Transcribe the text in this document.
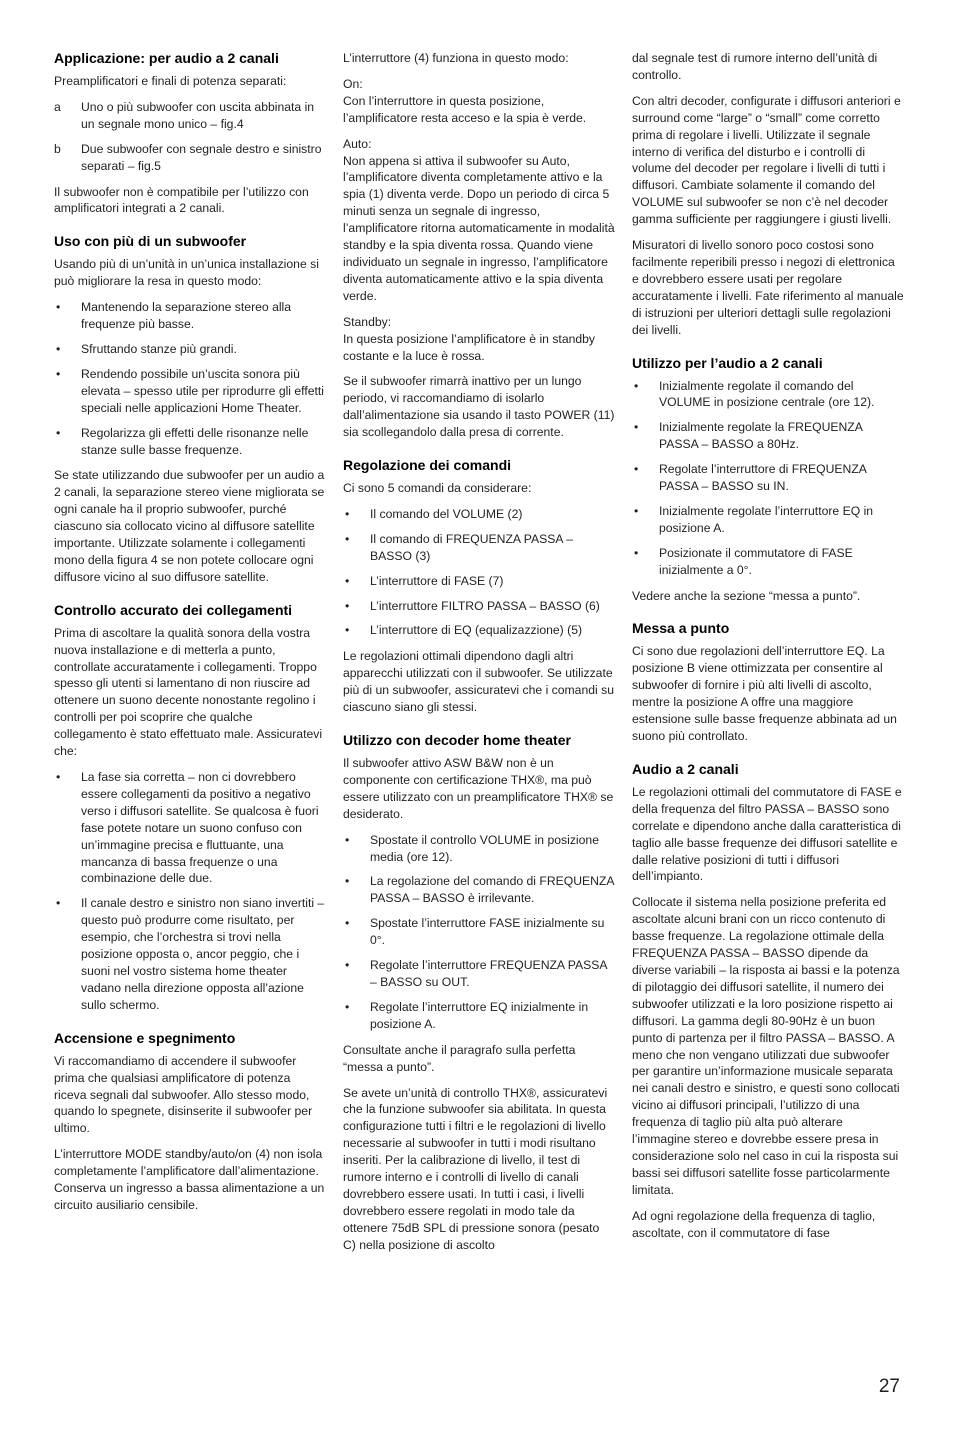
Applicazione: per audio a 2 canali

Preamplificatori e finali di potenza separati:

a Uno o più subwoofer con uscita abbinata in un segnale mono unico – fig.4
b Due subwoofer con segnale destro e sinistro separati – fig.5

Il subwoofer non è compatibile per l’utilizzo con amplificatori integrati a 2 canali.

Uso con più di un subwoofer

Usando più di un’unità in un’unica installazione si può migliorare la resa in questo modo:

• Mantenendo la separazione stereo alla frequenze più basse.
• Sfruttando stanze più grandi.
• Rendendo possibile un’uscita sonora più elevata – spesso utile per riprodurre gli effetti speciali nelle applicazioni Home Theater.
• Regolarizza gli effetti delle risonanze nelle stanze sulle basse frequenze.

Se state utilizzando due subwoofer per un audio a 2 canali, la separazione stereo viene migliorata se ogni canale ha il proprio subwoofer, purché ciascuno sia collocato vicino al diffusore satellite importante. Utilizzate solamente i collegamenti mono della figura 4 se non potete collocare ogni diffusore vicino al suo diffusore satellite.

Controllo accurato dei collegamenti

Prima di ascoltare la qualità sonora della vostra nuova installazione e di metterla a punto, controllate accuratamente i collegamenti. Troppo spesso gli utenti si lamentano di non riuscire ad ottenere un suono decente nonostante regolino i controlli per poi scoprire che qualche collegamento è stato effettuato male. Assicuratevi che:

• La fase sia corretta – non ci dovrebbero essere collegamenti da positivo a negativo verso i diffusori satellite. Se qualcosa è fuori fase potete notare un suono confuso con un’immagine precisa e fluttuante, una mancanza di bassa frequenze o una combinazione delle due.
• Il canale destro e sinistro non siano invertiti – questo può produrre come risultato, per esempio, che l’orchestra si trovi nella posizione opposta o, ancor peggio, che i suoni nel vostro sistema home theater vadano nella direzione opposta all’azione sullo schermo.
Accensione e spegnimento

Vi raccomandiamo di accendere il subwoofer prima che qualsiasi amplificatore di potenza riceva segnali dal subwoofer. Allo stesso modo, quando lo spegnete, disinserite il subwoofer per ultimo.

L’interruttore MODE standby/auto/on (4) non isola completamente l’amplificatore dall’alimentazione. Conserva un ingresso a bassa alimentazione a un circuito ausiliario censibile.

L’interruttore (4) funziona in questo modo:

On:

Con l’interruttore in questa posizione, l’amplificatore resta acceso e la spia è verde.

Auto:

Non appena si attiva il subwoofer su Auto, l’amplificatore diventa completamente attivo e la spia (1) diventa verde. Dopo un periodo di circa 5 minuti senza un segnale di ingresso, l’amplificatore ritorna automaticamente in modalità standby e la spia diventa rossa. Quando viene individuato un segnale in ingresso, l’amplificatore diventa automaticamente attivo e la spia diventa verde.

Standby:

In questa posizione l’amplificatore è in standby costante e la luce è rossa.

Se il subwoofer rimarrà inattivo per un lungo periodo, vi raccomandiamo di isolarlo dall’alimentazione sia usando il tasto POWER (11) sia scollegandolo dalla presa di corrente.

Regolazione dei comandi

Ci sono 5 comandi da considerare:

• Il comando del VOLUME (2)
• Il comando di FREQUENZA PASSA – BASSO (3)
• L’interruttore di FASE (7)
• L’interruttore FILTRO PASSA – BASSO (6)
• L’interruttore di EQ (equalizazzione) (5)

Le regolazioni ottimali dipendono dagli altri apparecchi utilizzati con il subwoofer. Se utilizzate più di un subwoofer, assicuratevi che i comandi su ciascuno siano gli stessi.

Utilizzo con decoder home theater

Il subwoofer attivo ASW B&W non è un componente con certificazione THX®, ma può essere utilizzato con un preamplificatore THX® se desiderato.

• Spostate il controllo VOLUME in posizione media (ore 12).
• La regolazione del comando di FREQUENZA PASSA – BASSO è irrilevante.
• Spostate l’interruttore FASE inizialmente su 0°.
• Regolate l’interruttore FREQUENZA PASSA – BASSO su OUT.
• Regolate l’interruttore EQ inizialmente in posizione A.

Consultate anche il paragrafo sulla perfetta “messa a punto”.

Se avete un’unità di controllo THX®, assicuratevi che la funzione subwoofer sia abilitata. In questa configurazione tutti i filtri e le regolazioni di livello necessarie al subwoofer in tutti i modi risultano inseriti. Per la calibrazione di livello, il test di rumore interno e i controlli di livello di canali dovrebbero essere usati. In tutti i casi, i livelli dovrebbero essere regolati in modo tale da ottenere 75dB SPL di pressione sonora (pesato C) nella posizione di ascolto

dal segnale test di rumore interno dell’unità di controllo.

Con altri decoder, configurate i diffusori anteriori e surround come “large” o “small” come corretto prima di regolare i livelli. Utilizzate il segnale interno di verifica del disturbo e i controlli di volume del decoder per regolare i livelli di tutti i diffusori. Cambiate solamente il comando del VOLUME sul subwoofer se non c’è nel decoder gamma sufficiente per raggiungere i giusti livelli.

Misuratori di livello sonoro poco costosi sono facilmente reperibili presso i negozi di elettronica e dovrebbero essere usati per regolare accuratamente i livelli. Fate riferimento al manuale di istruzioni per ulteriori dettagli sulle regolazioni dei livelli.

Utilizzo per l’audio a 2 canali
• Inizialmente regolate il comando del VOLUME in posizione centrale (ore 12).
• Inizialmente regolate la FREQUENZA PASSA – BASSO a 80Hz.
• Regolate l’interruttore di FREQUENZA PASSA – BASSO su IN.
• Inizialmente regolate l’interruttore EQ in posizione A.
• Posizionate il commutatore di FASE inizialmente a 0°.

Vedere anche la sezione “messa a punto”.

Messa a punto

Ci sono due regolazioni dell’interruttore EQ. La posizione B viene ottimizzata per consentire al subwoofer di fornire i più alti livelli di ascolto, mentre la posizione A offre una maggiore estensione sulle basse frequenze abbinata ad un suono più controllato.

Audio a 2 canali

Le regolazioni ottimali del commutatore di FASE e della frequenza del filtro PASSA – BASSO sono correlate e dipendono anche dalla caratteristica di taglio alle basse frequenze dei diffusori satellite e dalle relative posizioni di tutti i diffusori dell’impianto.

Collocate il sistema nella posizione preferita ed ascoltate alcuni brani con un ricco contenuto di basse frequenze. La regolazione ottimale della FREQUENZA PASSA – BASSO dipende da diverse variabili – la risposta ai bassi e la potenza di pilotaggio dei diffusori satellite, il numero dei subwoofer utilizzati e la loro posizione rispetto ai diffusori. La gamma degli 80-90Hz è un buon punto di partenza per il filtro PASSA – BASSO. A meno che non vengano utilizzati due subwoofer per garantire un’informazione musicale separata nei canali destro e sinistro, e questi sono collocati vicino ai diffusori principali, l’utilizzo di una frequenza di taglio più alta può alterare l’immagine stereo e dovrebbe essere presa in considerazione solo nel caso in cui la risposta sui bassi sei diffusori satellite fosse particolarmente limitata.

Ad ogni regolazione della frequenza di taglio, ascoltate, con il commutatore di fase

27
